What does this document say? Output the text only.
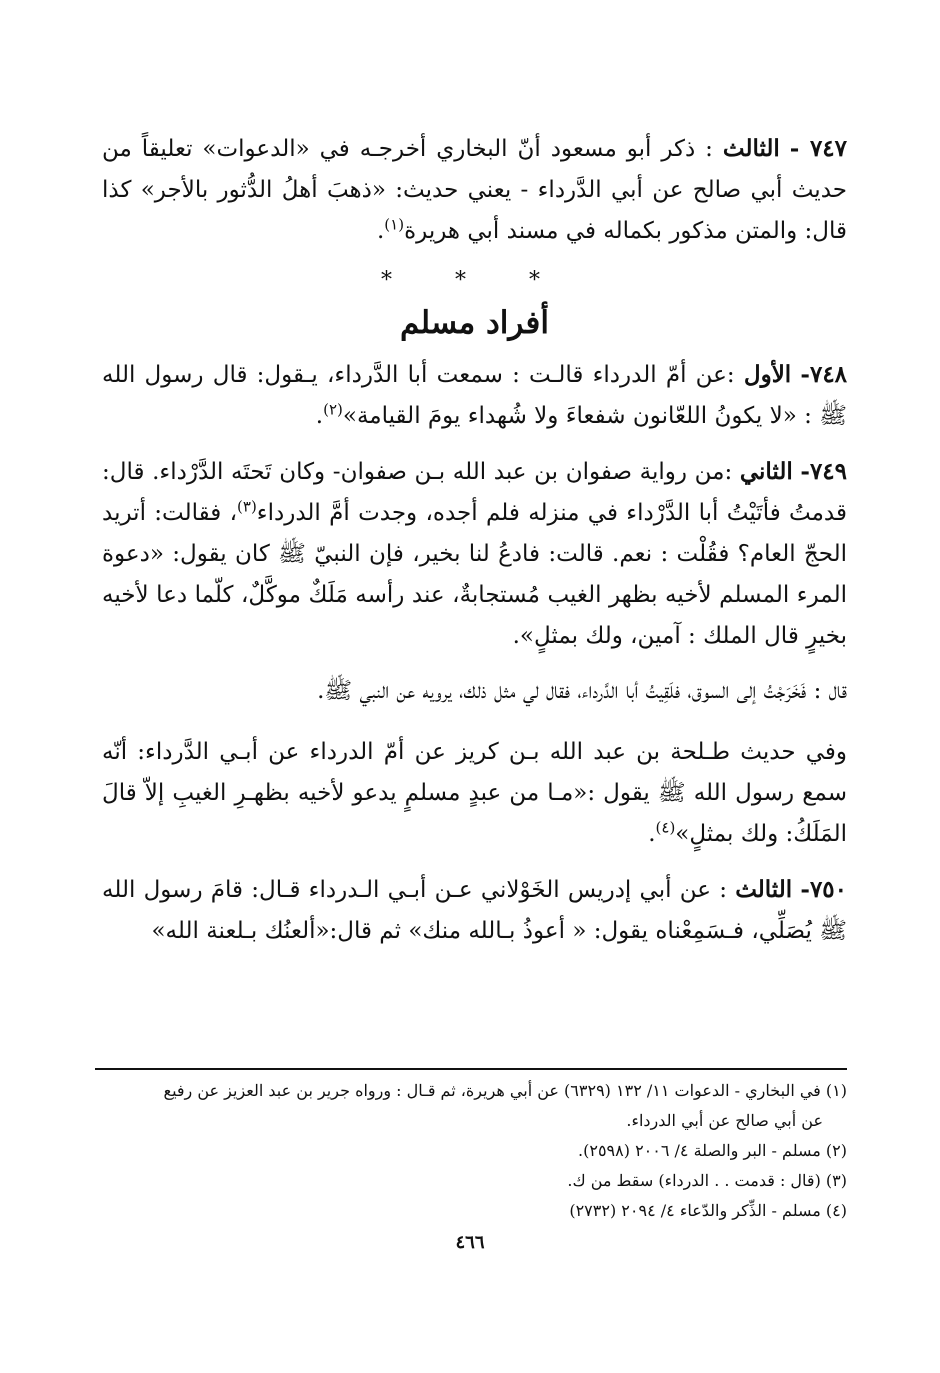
٧٤٧ - الثالث : ذكر أبو مسعود أنّ البخاري أخرجـه في «الدعوات» تعليقاً من حديث أبي صالح عن أبي الدَّرداء - يعني حديث: «ذهبَ أهلُ الدُّثور بالأجر» كذا قال: والمتن مذكور بكماله في مسند أبي هريرة$^{(١)}$.

* * *
أفراد مسلم

٧٤٨- الأول :عن أمّ الدرداء قالـت : سمعت أبا الدَّرداء، يـقول: قال رسول الله ﷺ : «لا يكونُ اللعّانون شفعاءَ ولا شُهداء يومَ القيامة»$^{(٢)}$.

٧٤٩- الثاني :من رواية صفوان بن عبد الله بـن صفوان- وكان تَحتَه الدَّرْداء. قال: قدمتُ فأتَيْتُ أبا الدَّرْداء في منزله فلم أجده، وجدت أمَّ الدرداء$^{(٣)}$، فقالت: أتريد الحجّ العام؟ فقُلْت : نعم. قالت: فادعُ لنا بخير، فإن النبيّ ﷺ كان يقول: «دعوة المرء المسلم لأخيه بظهر الغيب مُستجابةٌ، عند رأسه مَلَكٌ موكَّلٌ، كلّما دعا لأخيه بخيرٍ قال الملك : آمين، ولك بمثلٍ».

قال : فَخَرَجْتُ إلى السوق، فلَقِيتُ أبا الدَّرداء، فقال لي مثل ذلك، يرويه عن النبي ﷺ.

وفي حديث طـلحة بن عبد الله بـن كريز عن أمّ الدرداء عن أبـي الدَّرداء: أنّه سمع رسول الله ﷺ يقول :«مـا من عبدٍ مسلمٍ يدعو لأخيه بظهـرِ الغيبِ إلاّ قالَ المَلَكُ: ولك بمثلٍ»$^{(٤)}$.

٧٥٠- الثالث : عن أبي إدريس الخَوْلاني عـن أبـي الـدرداء قـال: قامَ رسول الله ﷺ يُصَلِّي، فـسَمِعْناه يقول: « أعوذُ بـالله منك» ثم قال:«ألعنُك بـلعنة الله»

(١) في البخاري - الدعوات ١١/ ١٣٢ (٦٣٢٩) عن أبي هريرة، ثم قـال : ورواه جرير بن عبد العزيز عن رفيع

عن أبي صالح عن أبي الدرداء.

(٢) مسلم - البر والصلة ٤/ ٢٠٠٦ (٢٥٩٨).

(٣) (قال : قدمت . . الدرداء) سقط من ك.

(٤) مسلم - الذِّكر والدّعاء ٤/ ٢٠٩٤ (٢٧٣٢)

٤٦٦
